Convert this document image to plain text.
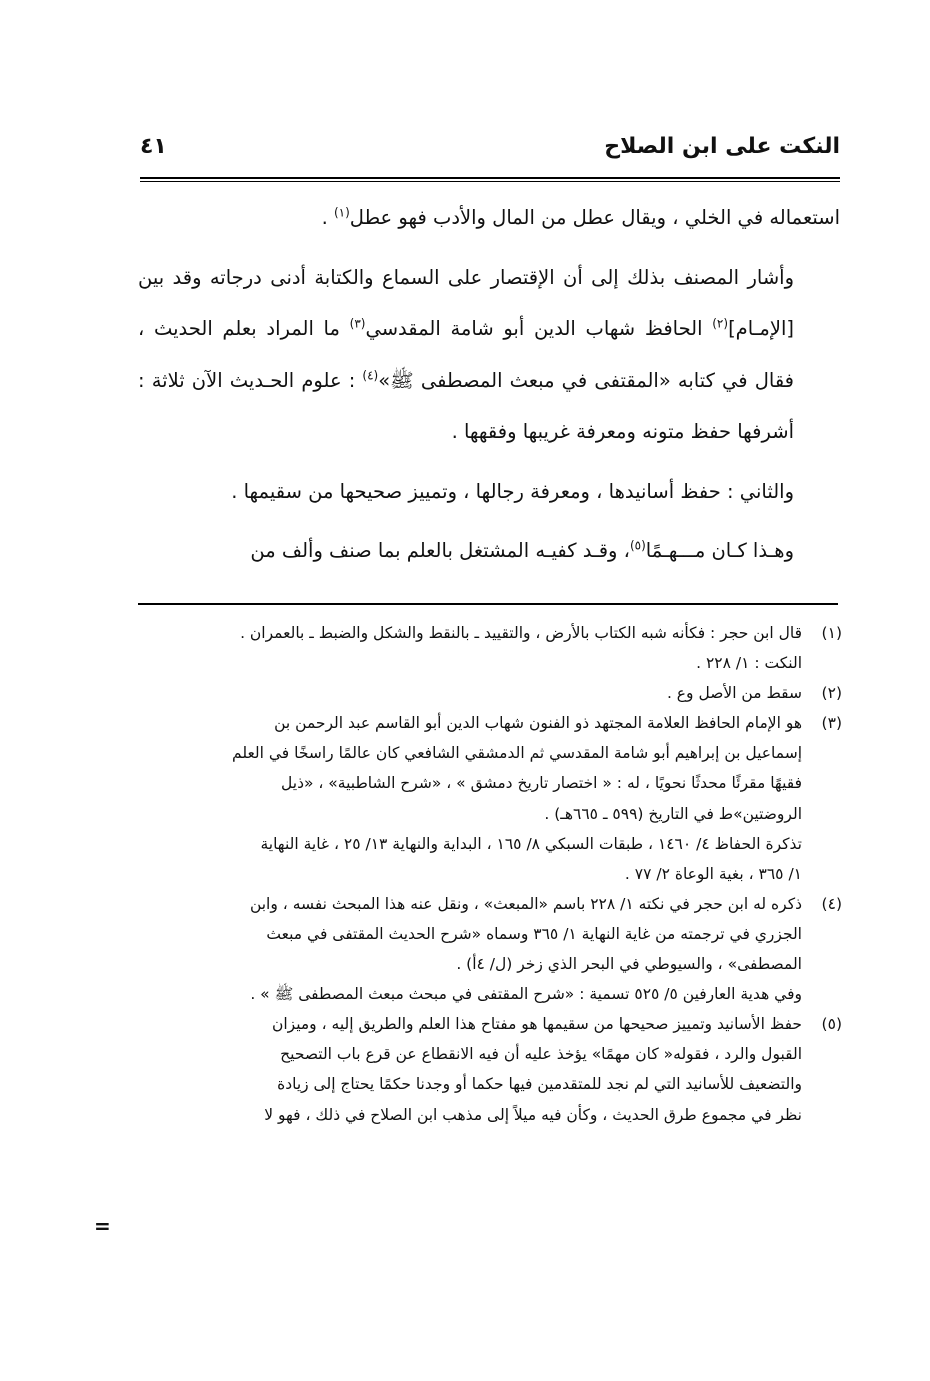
النكت على ابن الصلاح
٤١

استعماله في الخلي ، ويقال عطل من المال والأدب فهو عطل$^{(١)}$ .

وأشار المصنف بذلك إلى أن الإقتصار على السماع والكتابة أدنى درجاته وقد بين [الإمـام]$^{(٢)}$ الحافظ شهاب الدين أبو شامة المقدسي$^{(٣)}$ ما المراد بعلم الحديث ، فقال في كتابه «المقتفى في مبعث المصطفى ﷺ»$^{(٤)}$ : علوم الحـديث الآن ثلاثة : أشرفها حفظ متونه ومعرفة غريبها وفقهها .

والثاني : حفظ أسانيدها ، ومعرفة رجالها ، وتمييز صحيحها من سقيمها .

وهـذا كـان مـــهـمًا$^{(٥)}$، وقـد كفيـه المشتغل بالعلم بما صنف وألف من

(١)
قال ابن حجر : فكأنه شبه الكتاب بالأرض ، والتقييد ـ بالنقط والشكل والضبط ـ بالعمران .
النكت : ١/ ٢٢٨ .
(٢)
سقط من الأصل وع .
(٣)
هو الإمام الحافظ العلامة المجتهد ذو الفنون شهاب الدين أبو القاسم عبد الرحمن بن
إسماعيل بن إبراهيم أبو شامة المقدسي ثم الدمشقي الشافعي كان عالمًا راسخًا في العلم
فقيهًا مقرئًا محدثًا نحويًا ، له : « اختصار تاريخ دمشق » ، «شرح الشاطبية» ، «ذيل
الروضتين»ط في التاريخ (٥٩٩ ـ ٦٦٥هـ) .
تذكرة الحفاظ ٤/ ١٤٦٠ ، طبقات السبكي ٨/ ١٦٥ ، البداية والنهاية ١٣/ ٢٥ ، غاية النهاية
١/ ٣٦٥ ، بغية الوعاة ٢/ ٧٧ .
(٤)
ذكره له ابن حجر في نكته ١/ ٢٢٨ باسم «المبعث» ، ونقل عنه هذا المبحث نفسه ، وابن
الجزري في ترجمته من غاية النهاية ١/ ٣٦٥ وسماه «شرح الحديث المقتفى في مبعث
المصطفى» ، والسيوطي في البحر الذي زخر (ل/ ٤أ) .
وفي هدية العارفين ٥/ ٥٢٥ تسمية : «شرح المقتفى في مبحث مبعث المصطفى ﷺ » .
(٥)
حفظ الأسانيد وتمييز صحيحها من سقيمها هو مفتاح هذا العلم والطريق إليه ، وميزان
القبول والرد ، فقوله« كان مهمًا» يؤخذ عليه أن فيه الانقطاع عن قرع باب التصحيح
والتضعيف للأسانيد التي لم نجد للمتقدمين فيها حكما أو وجدنا حكمًا يحتاج إلى زيادة
نظر في مجموع طرق الحديث ، وكأن فيه ميلاً إلى مذهب ابن الصلاح في ذلك ، فهو لا
=
